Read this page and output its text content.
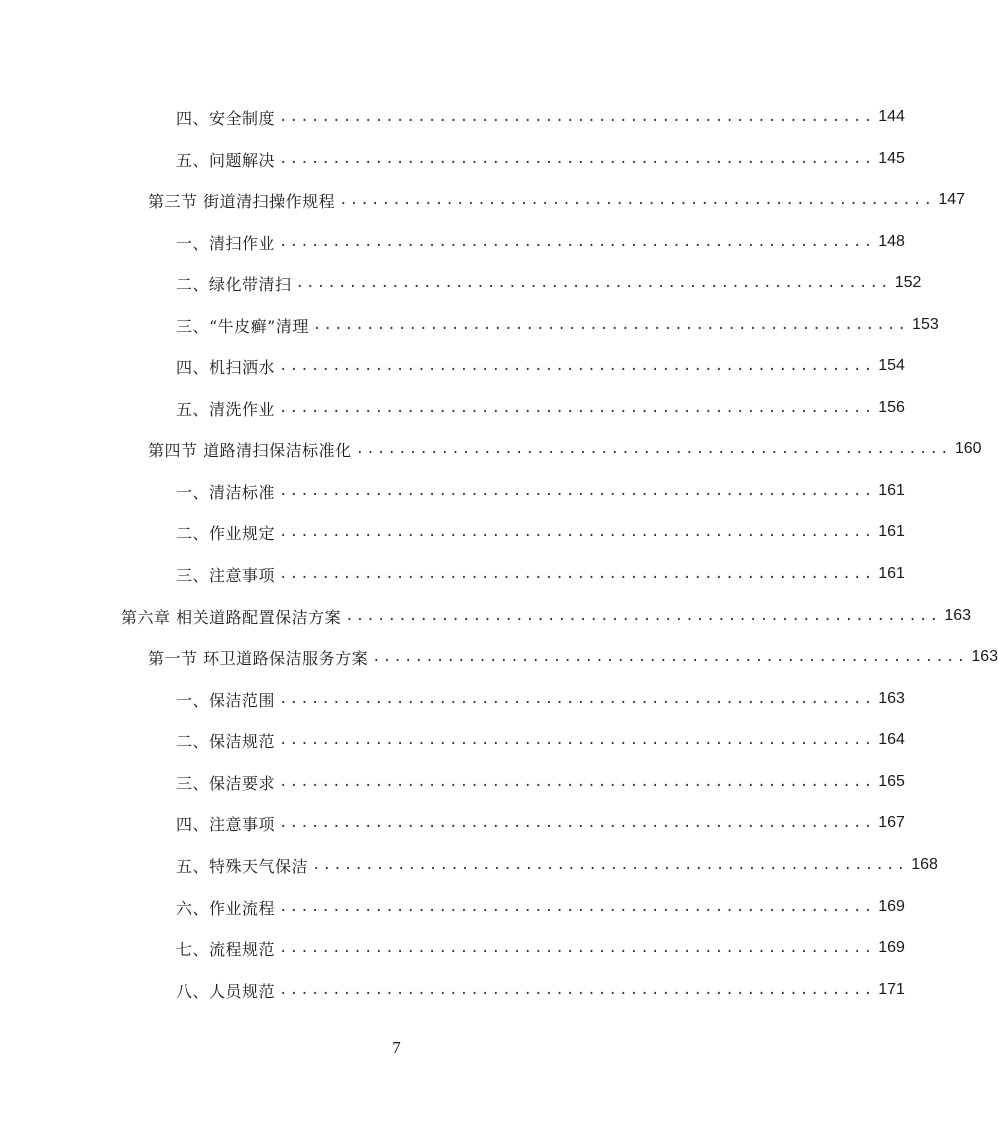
四、安全制度 ........................................................ 144
五、问题解决 ........................................................ 145
第三节 街道清扫操作规程 ........................................................ 147
一、清扫作业 ........................................................ 148
二、绿化带清扫 ........................................................ 152
三、“牛皮癣”清理 ........................................................ 153
四、机扫洒水 ........................................................ 154
五、清洗作业 ........................................................ 156
第四节 道路清扫保洁标准化 ........................................................ 160
一、清洁标准 ........................................................ 161
二、作业规定 ........................................................ 161
三、注意事项 ........................................................ 161
第六章 相关道路配置保洁方案 ........................................................ 163
第一节 环卫道路保洁服务方案 ........................................................ 163
一、保洁范围 ........................................................ 163
二、保洁规范 ........................................................ 164
三、保洁要求 ........................................................ 165
四、注意事项 ........................................................ 167
五、特殊天气保洁 ........................................................ 168
六、作业流程 ........................................................ 169
七、流程规范 ........................................................ 169
八、人员规范 ........................................................ 171
7
